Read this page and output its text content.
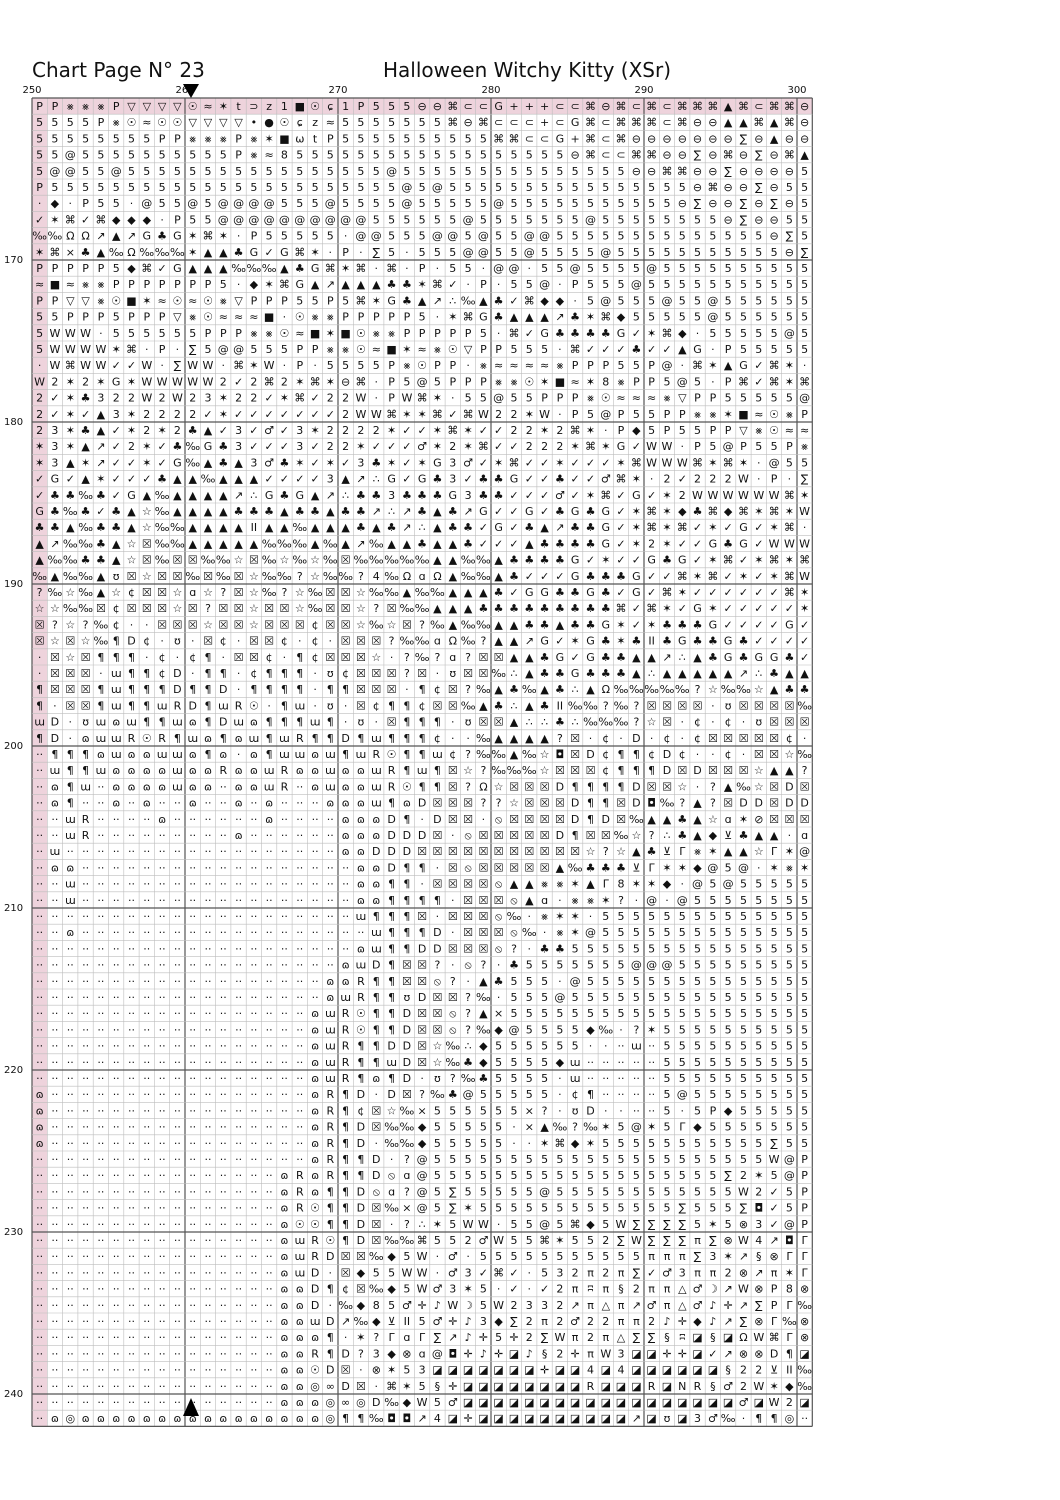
Chart Page N° 23	Halloween Witchy Kitty (XSr)
250	260	270	280	290	300
170
180
190
200
210
220
230
240
P P ⨳ ⨳ ⨳ P ▽ ▽ ▽ ▽ ☉ ≈ ✶ t ⊃ z 1 ■ ☉ ɕ 1 P 5 5 5 ⊖ ⊖ ⌘ ⊂ ⊂ G + + + ⊂ ⊂ ⌘ ⊖ ⌘ ⊂ ⌘ ⊂ ⌘ ⌘ ⌘ ▲ ⌘ ⊂ ⌘ ⌘ ⊖
5 5 5 5 P ⨳ ☉ ≈ ☉ ☉ ▽ ▽ ▽ ▽ • ● ☉ ɕ z ≈ 5 5 5 5 5 5 5 ⌘ ⊖ ⌘ ⊂ ⊂ ⊂ + ⊂ G ⌘ ⊂ ⌘ ⌘ ⌘ ⊂ ⌘ ⊖ ⊖ ▲ ▲ ⌘ ▲ ⌘ ⊖
5 5 5 5 5 5 5 5 P P ⨳ ⨳ ⨳ P ⨳ ✶ ■ ω t P 5 5 5 5 5 5 5 5 5 5 ⌘ ⌘ ⊂ ⊂ G + ⌘ ⊂ ⌘ ⊖ ⊖ ⊖ ⊖ ⊖ ⊖ ⊖ ∑ ⊖ ▲ ⊖ ⊖
5 5 @ 5 5 5 5 5 5 5 5 5 5 P ⨳ ≈ 8 5 5 5 5 5 5 5 5 5 5 5 5 5 5 5 5 5 5 ⊖ ⌘ ⊂ ⊂ ⌘ ⌘ ⊖ ⊖ ∑ ⊖ ⌘ ⊖ ∑ ⊖ ⌘ ▲
5 @ @ 5 5 @ 5 5 5 5 5 5 5 5 5 5 5 5 5 5 5 5 5 @ 5 5 5 5 5 5 5 5 5 5 5 5 5 5 5 ⊖ ⊖ ⌘ ⌘ ⊖ ⊖ ∑ ⊖ ⊖ ⊖ ⊖ 5
P 5 5 5 5 5 5 5 5 5 5 5 5 5 5 5 5 5 5 5 5 5 5 5 @ 5 @ 5 5 5 5 5 5 5 5 5 5 5 5 5 5 5 5 ⊖ ⌘ ⊖ ⊖ ∑ ⊖ 5 5
· ◆ · P 5 5 · @ 5 5 @ 5 @ @ @ @ 5 5 5 @ 5 5 5 5 @ 5 5 5 5 5 @ 5 5 5 5 5 5 5 5 5 5 5 ⊖ ∑ ⊖ ⊖ ∑ ⊖ ∑ ⊖ 5
✓ ✶ ⌘ ✓ ⌘ ◆ ◆ ◆ · P 5 5 @ @ @ @ @ @ @ @ @ @ 5 5 5 5 5 5 @ 5 5 5 5 5 5 5 @ 5 5 5 5 5 5 5 5 ⊖ ∑ ⊖ ⊖ 5 5
‰ ‰ Ω Ω ↗ ▲ ↗ G ♣ G ✶ ⌘ ✶ · P 5 5 5 5 5 · @ @ 5 5 5 @ @ 5 @ 5 5 @ @ 5 5 5 5 5 5 5 5 5 5 5 5 5 5 ⊖ ∑ 5
✶ ⌘ × ♣ ▲ ‰ Ω ‰ ‰ ‰ ✶ ▲ ▲ ♣ G ✓ G ⌘ ✶ · P · ∑ 5 · 5 5 5 @ @ 5 5 @ 5 5 5 5 @ 5 5 5 5 5 5 5 5 5 5 5 ⊖ ∑
P P P P P 5 ◆ ⌘ ✓ G ▲ ▲ ▲ ‰ ‰ ‰ ▲ ♣ G ⌘ ✶ ⌘ · ⌘ · P · 5 5 · @ @ · 5 5 @ 5 5 5 5 @ 5 5 5 5 5 5 5 5 5 5
≈ ■ ≈ ⨳ ⨳ P P P P P P P 5 · ◆ ✶ ⌘ G ▲ ↗ ▲ ▲ ▲ ♣ ♣ ✶ ⌘ ✓ · P · 5 5 @ · P 5 5 5 @ 5 5 5 5 5 5 5 5 5 5 5
P P ▽ ▽ ⨳ ☉ ■ ✶ ≈ ☉ ≈ ☉ ⨳ ▽ P P P 5 5 P 5 ⌘ ✶ G ♣ ▲ ↗ ∴ ‰ ▲ ♣ ✓ ⌘ ◆ ◆ · 5 @ 5 5 5 @ 5 5 @ 5 5 5 5 5 5
5 5 P P P 5 P P P ▽ ⨳ ☉ ≈ ≈ ≈ ■ · ☉ ⨳ ⨳ P P P P P 5 · ✶ ⌘ G ♣ ▲ ▲ ▲ ↗ ♣ ✶ ⌘ ◆ 5 5 5 5 5 @ 5 5 5 5 5 5
5 W W W · 5 5 5 5 5 5 P P P ⨳ ⨳ ☉ ≈ ■ ✶ ■ ☉ ⨳ ⨳ P P P P P 5 · ⌘ ✓ G ♣ ♣ ♣ ♣ G ✓ ✶ ⌘ ◆ · 5 5 5 5 5 @ 5
5 W W W W ✶ ⌘ · P · ∑ 5 @ @ 5 5 5 P P ⨳ ⨳ ☉ ≈ ■ ✶ ≈ ⨳ ☉ ▽ P P 5 5 5 · ⌘ ✓ ✓ ✓ ♣ ✓ ✓ ▲ G · P 5 5 5 5 5
· W ⌘ W W ✓ ✓ W · ∑ W W · ⌘ ✶ W · P · 5 5 5 5 P ⨳ ☉ P P · ⨳ ≈ ≈ ≈ ≈ ⨳ P P P 5 5 P @ · ⌘ ✶ ▲ G ✓ ⌘ ✶ ·
W 2 ✶ 2 ✶ G ✶ W W W W W 2 ✓ 2 ⌘ 2 ✶ ⌘ ✶ ⊖ ⌘ · P 5 @ 5 P P P ⨳ ⨳ ☉ ✶ ■ ≈ ✶ 8 ⨳ P P 5 @ 5 · P ⌘ ✓ ⌘ ✶ ⌘
2 ✓ ✶ ♣ 3 2 2 W 2 W 2 3 ✶ 2 2 ✓ ✶ ⌘ ✓ 2 2 W · P W ⌘ ✶ · 5 5 @ 5 5 P P P ⨳ ☉ ≈ ≈ ≈ ⨳ ▽ P P 5 5 5 5 5 @
2 ✓ ✶ ✓ ▲ 3 ✶ 2 2 2 2 ✓ ✶ ✓ ✓ ✓ ✓ ✓ ✓ ✓ 2 W W ⌘ ✶ ✶ ⌘ ✓ ⌘ W 2 2 ✶ W · P 5 @ P 5 5 P P ⨳ ⨳ ✶ ■ ≈ ☉ ⨳ P
2 3 ✶ ♣ ▲ ✓ ✶ 2 ✶ 2 ♣ ▲ ✓ 3 ✓ ♂ ✓ 3 ✶ 2 2 2 2 ✶ ✓ ✓ ✶ ⌘ ✶ ✓ ✓ 2 2 ✶ 2 ⌘ ✶ · P ◆ 5 P 5 5 P P ▽ ⨳ ☉ ≈ ≈
✶ 3 ✶ ▲ ↗ ✓ 2 ✶ ✓ ♣ ‰ G ♣ 3 ✓ ✓ ✓ 3 ✓ 2 2 ✶ ✓ ✓ ✓ ♂ ✶ 2 ✶ ⌘ ✓ ✓ 2 2 2 ✶ ⌘ ✶ G ✓ W W · P 5 @ P 5 5 P ⨳
✶ 3 ▲ ✶ ↗ ✓ ✓ ✶ ✓ G ‰ ▲ ♣ ▲ 3 ♂ ♣ ✶ ✓ ✶ ✓ 3 ♣ ✶ ✓ ✶ G 3 ♂ ✓ ✶ ⌘ ✓ ✓ ✶ ✓ ✓ ✓ ✶ ⌘ W W W ⌘ ✶ ⌘ ✶ · @ 5 5
✓ G ✓ ▲ ✶ ✓ ✓ ✓ ♣ ▲ ▲ ‰ ▲ ▲ ▲ ✓ ✓ ✓ ✓ 3 ▲ ↗ ∴ G ✓ G ♣ 3 ✓ ♣ ♣ G ✓ ✓ ♣ ✓ ✓ ♂ ⌘ ✶ · 2 ✓ 2 2 2 W · P · ∑
✓ ♣ ♣ ‰ ♣ ✓ G ▲ ‰ ▲ ▲ ▲ ▲ ↗ ∴ G ♣ G ▲ ↗ ∴ ♣ ♣ 3 ♣ ♣ ♣ G 3 ♣ ♣ ✓ ✓ ✓ ♂ ✓ ✶ ⌘ ✓ G ✓ ✶ 2 W W W W W W ⌘ ✶
G ♣ ‰ ♣ ✓ ♣ ▲ ☆ ‰ ▲ ▲ ▲ ▲ ♣ ♣ ♣ ▲ ♣ ♣ ▲ ♣ ♣ ↗ ∴ ↗ ♣ ▲ ♣ ↗ G ✓ ✓ G ✓ ♣ G ♣ G ✓ ✶ ⌘ ✶ ◆ ♣ ⌘ ◆ ⌘ ✶ ⌘ ✶ W
♣ ♣ ▲ ‰ ♣ ♣ ▲ ☆ ‰ ‰ ▲ ▲ ▲ ▲ II ▲ ▲ ‰ ▲ ▲ ▲ ♣ ▲ ♣ ↗ ∴ ▲ ♣ ♣ ✓ G ✓ ♣ ▲ ↗ ♣ ♣ G ✓ ✶ ⌘ ✶ ⌘ ✓ ✶ ✓ G ✓ ✶ ⌘ ·
▲ ↗ ‰ ‰ ♣ ▲ ☆ ☒ ‰ ‰ ▲ ▲ ▲ ▲ ▲ ‰ ‰ ‰ ▲ ‰ ▲ ↗ ‰ ▲ ▲ ♣ ▲ ▲ ♣ ✓ ✓ ✓ ▲ ♣ ♣ ♣ ♣ G ✓ ✶ 2 ✶ ✓ ✓ G ♣ G ✓ W W W
▲ ‰ ‰ ♣ ♣ ▲ ☆ ☒ ‰ ☒ ☒ ‰ ‰ ☆ ☒ ‰ ☆ ‰ ☆ ‰ ☒ ‰ ‰ ‰ ‰ ‰ ▲ ▲ ‰ ‰ ▲ ♣ ♣ ♣ ♣ G ✓ ✶ ✓ ✓ G ♣ G ✓ ✶ ⌘ ✓ ✶ ⌘ ✶ ⌘
‰ ▲ ‰ ‰ ▲ ʊ ☒ ☆ ☒ ☒ ‰ ☒ ‰ ☒ ☆ ‰ ‰ ? ☆ ‰ ‰ ? 4 ‰ Ω ɑ Ω ▲ ‰ ‰ ▲ ♣ ✓ ✓ ✓ G ♣ ♣ ♣ G ✓ ✓ ⌘ ✶ ⌘ ✓ ✶ ✓ ✶ ⌘ W
? ‰ ☆ ‰ ▲ ☆ ¢ ☒ ☒ ☆ ɑ ☆ ? ☒ ☆ ‰ ? ☆ ‰ ☒ ☒ ☆ ‰ ‰ ▲ ‰ ‰ ▲ ▲ ▲ ♣ ✓ G G ♣ ♣ G ♣ ✓ G ✓ ⌘ ✶ ✓ ✓ ✓ ✓ ✓ ✓ ⌘ ✶
☆ ☆ ‰ ‰ ☒ ¢ ☒ ☒ ☒ ☆ ☒ ? ☒ ☒ ☆ ☒ ☒ ☆ ‰ ☒ ☒ ☆ ? ☒ ‰ ‰ ▲ ▲ ▲ ♣ ♣ ♣ ♣ ♣ ♣ ♣ ♣ ♣ ⌘ ✓ ⌘ ✶ ✓ G ✶ ✓ ✓ ✓ ✓ ✓ ✶
☒ ? ☆ ? ‰ ¢ · · ☒ ☒ ☒ ☆ ☒ ☒ ☆ ☒ ☒ ☒ ¢ ☒ ☒ ☆ ‰ ☆ ☒ ? ‰ ▲ ‰ ‰ ▲ ▲ ♣ ♣ ▲ ♣ ♣ G ✶ ✓ ✶ ♣ ♣ ♣ G ✓ ✓ ✓ ✓ G ✓
☒ ☆ ☒ ☆ ‰ ¶ D ¢ · ʊ · ☒ ¢ · ☒ ☒ ¢ · ¢ · ☒ ☒ ☒ ? ‰ ‰ ɑ Ω ‰ ? ▲ ▲ ↗ G ✓ ✶ G ♣ ✶ ♣ II ♣ G ♣ ♣ G ♣ ✓ ✓ ✓ ✓
· ☒ ☆ ☒ ¶ ¶ ¶ · ¢ · ¢ ¶ · ☒ ☒ ¢ · ¶ ¢ ☒ ☒ ☒ ☆ · ? ‰ ? ɑ ? ☒ ☒ ▲ ▲ ♣ G ✓ G ♣ ♣ ▲ ▲ ↗ ∴ ▲ ♣ G ♣ G G ♣ ✓
· ☒ ☒ ☒ · ɯ ¶ ¶ ¢ D · ¶ ¶ · ¢ ¶ ¶ ¶ · ʊ ¢ ☒ ☒ ☒ ? ☒ · ʊ ☒ ☒ ‰ ∴ ▲ ♣ ♣ G ♣ ♣ ♣ ▲ ∴ ▲ ▲ ▲ ▲ ▲ ↗ ∴ ♣ ▲ ▲
¶ ☒ ☒ ☒ ¶ ɯ ¶ ¶ ¶ D ¶ ¶ D · ¶ ¶ ¶ ¶ · ¶ ¶ ☒ ☒ ☒ · ¶ ¢ ☒ ? ‰ ▲ ♣ ‰ ▲ ♣ ∴ ▲ Ω ‰ ‰ ‰ ‰ ‰ ? ☆ ‰ ‰ ☆ ▲ ♣ ♣
¶ · ☒ ☒ ¶ ɯ ¶ ¶ ɯ R D ¶ ɯ R ☉ · ¶ ɯ · ʊ · ☒ ¢ ¶ ¶ ¢ ☒ ☒ ‰ ▲ ♣ ∴ ▲ ♣ II ‰ ‰ ? ‰ ? ☒ ☒ ☒ ☒ · ʊ ☒ ☒ ☒ ☒ ‰
ɯ D · ʊ ɯ ɷ ɯ ¶ ¶ ɯ ɷ ¶ D ɯ ɷ ¶ ¶ ¶ ɯ ¶ · ʊ · ☒ ¶ ¶ ¶ · ʊ ☒ ☒ ▲ ∴ ∴ ♣ ∴ ‰ ‰ ‰ ? ☆ ☒ · ¢ · ¢ · ʊ ☒ ☒ ☒
¶ D · ɷ ɯ ɯ R ☉ R ¶ ɯ ɷ ¶ ɷ ɯ ¶ ɯ R ¶ ¶ D ¶ ɯ ¶ ¶ ¶ ¢ · · ‰ ▲ ▲ ▲ ▲ ? ☒ · ¢ · D · ¢ · ¢ ☒ ☒ ☒ ☒ ☒ ¢ ·
·· ¶ ¶ ¶ ɷ ɯ ɷ ɷ ɯ ɯ ɷ ¶ ɷ · ɷ ¶ ɯ ɯ ɷ ɯ ¶ ɯ R ☉ ¶ ¶ ɯ ¢ ? ‰ ‰ ▲ ‰ ☆ ◘ ☒ D ¢ ¶ ¶ ¢ D ¢ · · ¢ · ☒ ☒ ☆ ‰
·· ɯ ¶ ¶ ɯ ɷ ɷ ɷ ɷ ɯ ɷ ɷ R ɷ ɷ ɯ R ɷ ɷ ɯ ɷ ɷ ɯ R ¶ ɯ ¶ ☒ ☆ ? ‰ ‰ ‰ ☆ ☒ ☒ ☒ ¢ ¶ ¶ ¶ D ☒ D ☒ ☒ ☒ ☆ ▲ ▲ ?
·· ɷ ¶ ɯ ·· ɷ ɷ ɷ ɷ ɯ ɷ ɷ ·· ɷ ɷ ɯ R ·· ɷ ɯ ɷ ɷ ɯ R ☉ ¶ ¶ ☒ ? Ω ☆ ☒ ☒ ☒ D ¶ ¶ ¶ ¶ D ☒ ☒ ☆ · ? ▲ ‰ ☆ ☒ D ☒
·· ɷ ¶ ·· ·· ɷ ·· ɷ ·· ·· ɷ ·· ·· ɷ ·· ɷ ·· ·· ·· ɷ ɷ ɷ ɯ ¶ ɷ D ☒ ☒ ☒ ? ? ☆ ☒ ☒ ☒ D ¶ ¶ ☒ D ◘ ‰ ? ▲ ? ☒ D D ☒ D D
·· ·· ɯ R ·· ·· ·· ·· ɷ ·· ·· ·· ·· ·· ·· ɷ ·· ·· ·· ·· ɷ ɷ ɷ D ¶ · D ☒ ☒ · ⦸ ☒ ☒ ☒ ☒ D ¶ D ☒ ‰ ▲ ▲ ♣ ▲ ☆ ɑ ✶ ⊘ ☒ ☒ ☒
·· ·· ɯ R ·· ·· ·· ·· ·· ·· ·· ·· ·· ɷ ·· ·· ·· ·· ·· ·· ɷ ɷ ɷ D D D ☒ · ⦸ ☒ ☒ ☒ ☒ ☒ D ¶ ☒ ☒ ‰ ☆ ? ∴ ♣ ▲ ◆ ⊻ ♣ ▲ ▲ · ɑ
·· ɯ ·· ·· ·· ·· ·· ·· ·· ·· ·· ·· ·· ·· ·· ·· ·· ·· ·· ·· ɷ ɷ D D D ☒ ☒ ☒ ☒ ☒ ☒ ☒ ☒ ☒ ☒ ☒ ☆ ? ☆ ▲ ♣ ⊻ Γ ⨳ ✶ ▲ ▲ ☆ Γ ✶ @
·· ɷ ɷ ·· ·· ·· ·· ·· ·· ·· ·· ·· ·· ·· ·· ·· ·· ·· ·· ·· ·· ɷ ɷ D ¶ ¶ · ☒ ⦸ ☒ ☒ ☒ ☒ ☒ ▲ ‰ ♣ ♣ ♣ ⊻ Γ ✶ ✶ ◆ @ 5 @ · ✶ ⨳ ✶
·· ·· ɯ ·· ·· ·· ·· ·· ·· ·· ·· ·· ·· ·· ·· ·· ·· ·· ·· ·· ·· ɷ ɷ ¶ ¶ · ☒ ☒ ☒ ☒ ⦸ ▲ ▲ ⨳ ⨳ ✶ ▲ Γ 8 ✶ ✶ ◆ · @ 5 @ 5 5 5 5 5
·· ·· ɯ ·· ·· ·· ·· ·· ·· ·· ·· ·· ·· ·· ·· ·· ·· ·· ·· ·· ·· ɷ ɷ ¶ ¶ ¶ ¶ · ☒ ☒ ☒ ⦸ ▲ ɑ · ⨳ ⨳ ✶ ? · @ · @ 5 5 5 5 5 5 5 5
·· ·· ·· ·· ·· ·· ·· ·· ·· ·· ·· ·· ·· ·· ·· ·· ·· ·· ·· ·· ·· ɯ ¶ ¶ ¶ ☒ · ☒ ☒ ☒ ⦸ ‰ · ⨳ ✶ ✶ · 5 5 5 5 5 5 5 5 5 5 5 5 5 5
·· ·· ɷ ·· ·· ·· ·· ·· ·· ·· ·· ·· ·· ·· ·· ·· ·· ·· ·· ·· ·· ·· ɯ ¶ ¶ ¶ D · ☒ ☒ ☒ ⦸ ‰ · ⨳ ✶ @ 5 5 5 5 5 5 5 5 5 5 5 5 5 5
·· ·· ·· ·· ·· ·· ·· ·· ·· ·· ·· ·· ·· ·· ·· ·· ·· ·· ·· ·· ·· ɷ ɯ ¶ ¶ D D ☒ ☒ ☒ ⦸ ? · ♣ ♣ 5 5 5 5 5 5 5 5 5 5 5 5 5 5 5 5
·· ·· ·· ·· ·· ·· ·· ·· ·· ·· ·· ·· ·· ·· ·· ·· ·· ·· ·· ·· ɷ ɯ D ¶ ☒ ☒ ? · ⦸ ? · ♣ 5 5 5 5 5 5 5 @ @ @ 5 5 5 5 5 5 5 5 5
·· ·· ·· ·· ·· ·· ·· ·· ·· ·· ·· ·· ·· ·· ·· ·· ·· ·· ·· ɷ ɷ R ¶ ¶ ☒ ☒ ⦸ ? · ▲ ♣ 5 5 5 · @ 5 5 5 5 5 5 5 5 5 5 5 5 5 5 5
·· ·· ·· ·· ·· ·· ·· ·· ·· ·· ·· ·· ·· ·· ·· ·· ·· ·· ·· ɷ ɯ R ¶ ¶ ʊ D ☒ ☒ ? ‰ · 5 5 5 @ 5 5 5 5 5 5 5 5 5 5 5 5 5 5 5 5
·· ·· ·· ·· ·· ·· ·· ·· ·· ·· ·· ·· ·· ·· ·· ·· ·· ·· ɷ ɯ R ☉ ¶ ¶ D ☒ ☒ ⦸ ? ▲ × 5 5 5 5 5 5 5 5 5 5 5 5 5 5 5 5 5 5 5 5
·· ·· ·· ·· ·· ·· ·· ·· ·· ·· ·· ·· ·· ·· ·· ·· ·· ·· ɷ ɯ R ☉ ¶ ¶ D ☒ ☒ ⦸ ? ‰ ◆ @ 5 5 5 5 ◆ ‰ · ? ✶ 5 5 5 5 5 5 5 5 5 5
·· ·· ·· ·· ·· ·· ·· ·· ·· ·· ·· ·· ·· ·· ·· ·· ·· ·· ɷ ɯ R ¶ ¶ D D ☒ ☆ ‰ ∴ ◆ 5 5 5 5 5 5 · · ·· ɯ ·· 5 5 5 5 5 5 5 5 5 5
·· ·· ·· ·· ·· ·· ·· ·· ·· ·· ·· ·· ·· ·· ·· ·· ·· ·· ɷ ɯ R ¶ ¶ ɯ D ☒ ☆ ‰ ♣ ◆ 5 5 5 5 ◆ ɯ ·· ·· ·· ·· ·· 5 5 5 5 5 5 5 5 5 5
·· ·· ·· ·· ·· ·· ·· ·· ·· ·· ·· ·· ·· ·· ·· ·· ·· ·· ɷ ɯ R ¶ ɷ ¶ D · ʊ ? ‰ ♣ 5 5 5 5 · ɯ ·· ·· ·· ·· ·· 5 5 5 5 5 5 5 5 5 5
ɷ ·· ·· ·· ·· ·· ·· ·· ·· ·· ·· ·· ·· ·· ·· ·· ·· ·· ɷ R ¶ D · D ☒ ? ‰ ♣ @ 5 5 5 5 5 · ¢ ¶ ·· ·· ·· ·· 5 @ 5 5 5 5 5 5 5 5
ɷ ·· ·· ·· ·· ·· ·· ·· ·· ·· ·· ·· ·· ·· ·· ·· ·· ·· ɷ R ¶ ¢ ☒ ☆ ‰ × 5 5 5 5 5 5 × ? · ʊ D · · ·· ·· 5 · 5 P ◆ 5 5 5 5 5
ɷ ·· ·· ·· ·· ·· ·· ·· ·· ·· ·· ·· ·· ·· ·· ·· ·· ·· ɷ R ¶ D ☒ ‰ ‰ ◆ 5 5 5 5 5 · × ▲ ‰ ? ‰ ✶ 5 @ ✶ 5 Γ ◆ 5 5 5 5 5 5 5
ɷ ·· ·· ·· ·· ·· ·· ·· ·· ·· ·· ·· ·· ·· ·· ·· ·· ·· ɷ R ¶ D · ‰ ‰ ◆ 5 5 5 5 5 · · ✶ ⌘ ◆ ✶ 5 5 5 5 5 5 5 5 5 5 5 ∑ 5 5
·· ·· ·· ·· ·· ·· ·· ·· ·· ·· ·· ·· ·· ·· ·· ·· ·· ·· ɷ R ¶ ¶ D · ? @ 5 5 5 5 5 5 5 5 5 5 5 5 5 5 5 5 5 5 5 5 5 5 W @ P
·· ·· ·· ·· ·· ·· ·· ·· ·· ·· ·· ·· ·· ·· ·· ·· ɷ R ɷ R ¶ ¶ D ⦸ ɑ @ 5 5 5 5 5 5 5 5 5 5 5 5 5 5 5 5 5 5 5 ∑ 2 ✶ 5 @ P
·· ·· ·· ·· ·· ·· ·· ·· ·· ·· ·· ·· ·· ·· ·· ·· ɷ R ɷ ¶ ¶ D ⦸ ɑ ? @ 5 ∑ 5 5 5 5 5 @ 5 5 5 5 5 5 5 5 5 5 5 5 W 2 ✓ 5 P
·· ·· ·· ·· ·· ·· ·· ·· ·· ·· ·· ·· ·· ·· ·· ·· ɷ R ☉ ¶ ¶ D ☒ ‰ × @ 5 ∑ ✶ 5 5 5 5 5 5 5 5 5 5 5 5 5 ∑ 5 5 5 ∑ ◘ ✓ 5 P
·· ·· ·· ·· ·· ·· ·· ·· ·· ·· ·· ·· ·· ·· ·· ·· ɷ ☉ ☉ ¶ ¶ D ☒ · ? ∴ ✶ 5 W W · 5 5 @ 5 ⌘ ◆ 5 W ∑ ∑ ∑ ∑ 5 ✶ 5 ⊗ 3 ✓ @ P
·· ·· ·· ·· ·· ·· ·· ·· ·· ·· ·· ·· ·· ·· ·· ·· ɷ ɯ R ☉ ¶ D ☒ ‰ ‰ ⌘ 5 5 2 ♂ W 5 5 ⌘ ✶ 5 5 2 ∑ W ∑ ∑ ∑ π ∑ ⊗ W 4 ↗ ◘ Γ
·· ·· ·· ·· ·· ·· ·· ·· ·· ·· ·· ·· ·· ·· ·· ·· ɷ ɯ R D ☒ ☒ ‰ ◆ 5 W · ♂ · 5 5 5 5 5 5 5 5 5 5 5 π π π ∑ 3 ✶ ↗ § ⊗ Γ Γ
·· ·· ·· ·· ·· ·· ·· ·· ·· ·· ·· ·· ·· ·· ·· ·· ɷ ɯ D · ☒ ◆ 5 5 W W · ♂ 3 ✓ ⌘ ✓ · 5 3 2 π 2 π ∑ ✓ ♂ 3 π π 2 ⊗ ↗ π ✶ Γ
·· ·· ·· ·· ·· ·· ·· ·· ·· ·· ·· ·· ·· ·· ·· ·· ɷ ɷ D ¶ ¢ ☒ ‰ ◆ 5 W ♂ 3 ✶ 5 · ✓ · ✓ 2 π ʭ π § 2 π π △ ♂ ☽ ↗ W ⊗ P 8 ⊗
·· ·· ·· ·· ·· ·· ·· ·· ·· ·· ·· ·· ·· ·· ·· ·· ɷ ɷ D · ‰ ◆ 8 5 ♂ ✛ ♪ W ☽ 5 W 2 3 3 2 ↗ π △ π ↗ ♂ π △ ♂ ♪ ✛ ↗ ∑ P Γ ‰
·· ·· ·· ·· ·· ·· ·· ·· ·· ·· ·· ·· ·· ·· ·· ·· ɷ ɷ ɯ D ↗ ‰ ◆ ⊻ II 5 ♂ ✛ ♪ 3 ◆ ∑ 2 π 2 ♂ 2 2 π π 2 ♪ ✛ ◆ ♪ ↗ ∑ ⊗ Γ ‰ ⊗
·· ·· ·· ·· ·· ·· ·· ·· ·· ·· ·· ·· ·· ·· ·· ·· ɷ ɷ ɷ ¶ · ✶ ? Γ ɑ Γ ∑ ↗ ♪ ✛ 5 ✛ 2 ∑ W π 2 π △ ∑ ∑ § ʭ ◪ § ◪ Ω W ⌘ Γ ⊗
·· ·· ·· ·· ·· ·· ·· ·· ·· ·· ·· ·· ·· ·· ·· ·· ɷ ɷ R ¶ D ? 3 ◆ ⊗ ɑ @ ◘ ✛ ♪ ✛ ◪ ♪ § 2 ✛ π W 3 ◪ ◪ ✛ ✛ ◪ ✓ ↗ ⊗ ⊗ D ¶ ◪
·· ·· ·· ·· ·· ·· ·· ·· ·· ·· ·· ·· ·· ·· ·· ·· ɷ ɷ ☉ D ☒ · ⊗ ✶ 5 3 ◪ ◪ ◪ ◪ ◪ ◪ ◪ ✛ ◪ ◪ 4 ◪ 4 ◪ ◪ ◪ ◪ ◪ ◪ § 2 2 ⊻ II ‰
·· ·· ·· ·· ·· ·· ·· ·· ·· ·· ·· ·· ·· ·· ·· ·· ɷ ɷ ◎ ∞ D ☒ · ⌘ ✶ 5 § ✛ ◪ ◪ ◪ ◪ ◪ ◪ ◪ ◪ R ◪ ◪ ◪ R ◪ N R § ♂ 2 W ✶ ◆ ‰
·· ·· ·· ·· ·· ·· ·· ·· ·· ·· ·· ·· ·· ·· ·· ·· ɷ ɷ ɷ ◎ ∞ ◎ D ‰ ◆ W 5 ♂ ◪ ◪ ◪ ◪ ◪ ◪ ◪ ◪ ◪ ◪ ◪ ◪ ◪ ◪ ◪ ◪ ◪ ◪ ♂ ◪ W 2 ◪
·· ɷ ◎ ɷ ɷ ɷ ɷ ɷ ɷ ɷ ɷ ɷ ɷ ɷ ɷ ɷ ɷ ɷ ɷ ◎ ¶ ¶ ‰ ◘ ◘ ↗ 4 ◪ ✛ ◪ ◪ ◪ ◪ ◪ ◪ ◪ ◪ ◪ ◪ ↗ ◪ ʊ ◪ 3 ♂ ‰ · ¶ ¶ ◎ ··
